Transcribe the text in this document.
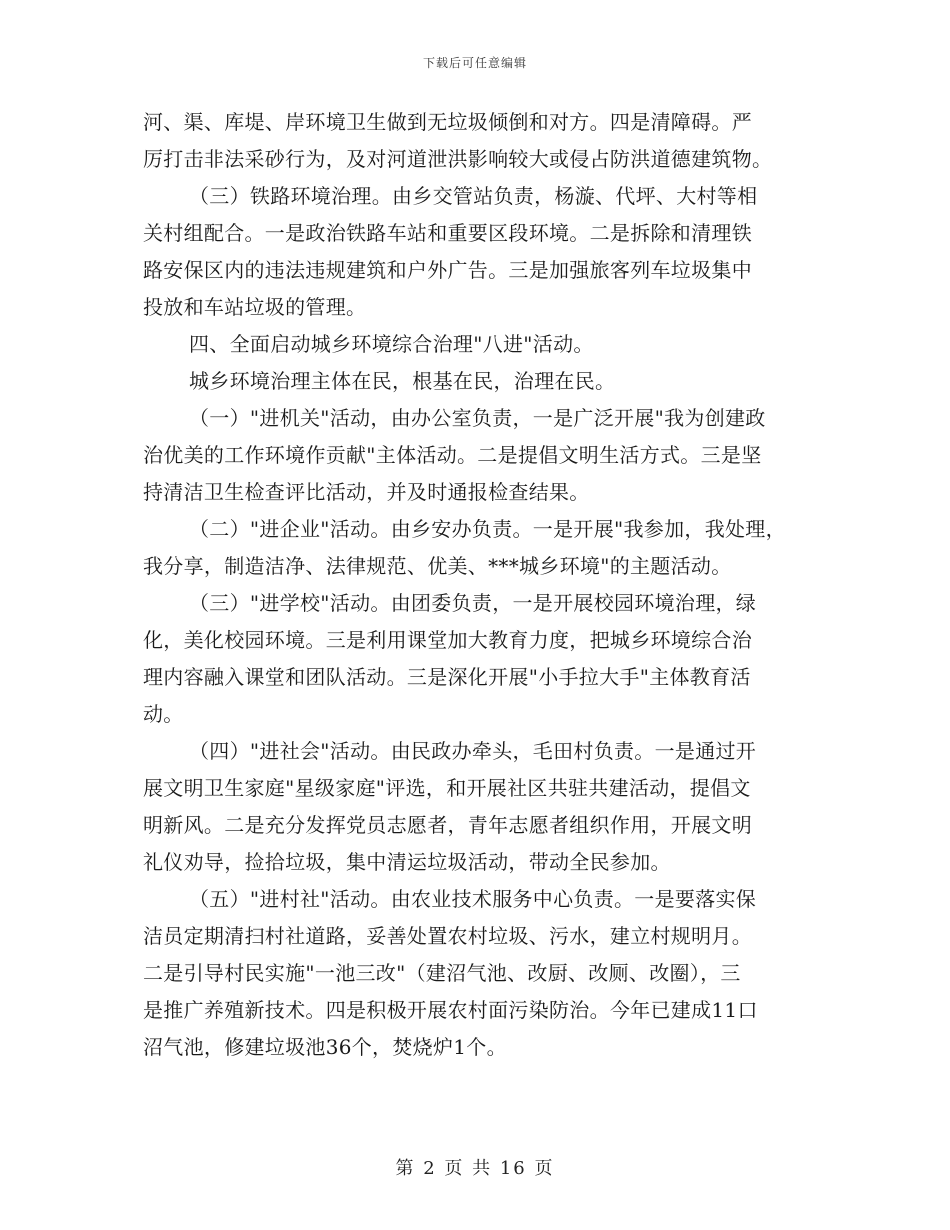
下载后可任意编辑
河、渠、库堤、岸环境卫生做到无垃圾倾倒和对方。四是清障碍。严
厉打击非法采砂行为，及对河道泄洪影响较大或侵占防洪道德建筑物。
（三）铁路环境治理。由乡交管站负责，杨漩、代坪、大村等相
关村组配合。一是政治铁路车站和重要区段环境。二是拆除和清理铁
路安保区内的违法违规建筑和户外广告。三是加强旅客列车垃圾集中
投放和车站垃圾的管理。
四、全面启动城乡环境综合治理"八进"活动。
城乡环境治理主体在民，根基在民，治理在民。
（一）"进机关"活动，由办公室负责，一是广泛开展"我为创建政
治优美的工作环境作贡献"主体活动。二是提倡文明生活方式。三是坚
持清洁卫生检查评比活动，并及时通报检查结果。
（二）"进企业"活动。由乡安办负责。一是开展"我参加，我处理，
我分享，制造洁净、法律规范、优美、***城乡环境"的主题活动。
（三）"进学校"活动。由团委负责，一是开展校园环境治理，绿
化，美化校园环境。三是利用课堂加大教育力度，把城乡环境综合治
理内容融入课堂和团队活动。三是深化开展"小手拉大手"主体教育活
动。
（四）"进社会"活动。由民政办牵头，毛田村负责。一是通过开
展文明卫生家庭"星级家庭"评选，和开展社区共驻共建活动，提倡文
明新风。二是充分发挥党员志愿者，青年志愿者组织作用，开展文明
礼仪劝导，捡拾垃圾，集中清运垃圾活动，带动全民参加。
（五）"进村社"活动。由农业技术服务中心负责。一是要落实保
洁员定期清扫村社道路，妥善处置农村垃圾、污水，建立村规明月。
二是引导村民实施"一池三改"（建沼气池、改厨、改厕、改圈），三
是推广养殖新技术。四是积极开展农村面污染防治。今年已建成11口
沼气池，修建垃圾池36个，焚烧炉1个。
第 2 页 共 16 页
